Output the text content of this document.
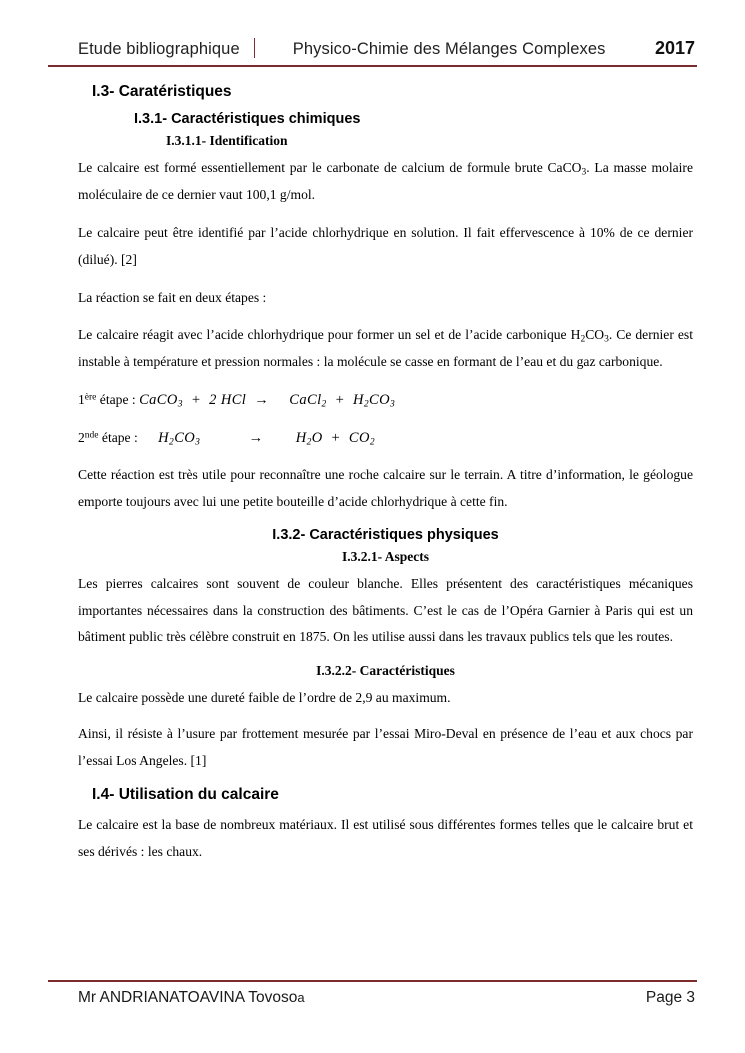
Etude bibliographique	Physico-Chimie des Mélanges Complexes	2017
I.3- Caratéristiques
I.3.1- Caractéristiques chimiques
I.3.1.1- Identification

Le calcaire est formé essentiellement par le carbonate de calcium de formule brute CaCO$_3$. La masse molaire moléculaire de ce dernier vaut 100,1 g/mol.

Le calcaire peut être identifié par l’acide chlorhydrique en solution. Il fait effervescence à 10% de ce dernier (dilué). [2]

La réaction se fait en deux étapes :

Le calcaire réagit avec l’acide chlorhydrique pour former un sel et de l’acide carbonique $H_2CO_3$. Ce dernier est instable à température et pression normales : la molécule se casse en formant de l’eau et du gaz carbonique.

1ère étape : CaCO$_3$  +  2 HCl  →     CaCl$_2$  +  $H_2CO_3$
2nde étape :      $H_2CO_3$	→        $H_2O + CO_2$

Cette réaction est très utile pour reconnaître une roche calcaire sur le terrain. A titre d’information, le géologue emporte toujours avec lui une petite bouteille d’acide chlorhydrique à cette fin.

I.3.2- Caractéristiques physiques
I.3.2.1- Aspects

Les pierres calcaires sont souvent de couleur blanche. Elles présentent des caractéristiques mécaniques importantes nécessaires dans la construction des bâtiments. C’est le cas de l’Opéra Garnier à Paris qui est un bâtiment public très célèbre construit en 1875. On les utilise aussi dans les travaux publics tels que les routes.

I.3.2.2- Caractéristiques

Le calcaire possède une dureté faible de l’ordre de 2,9 au maximum.

Ainsi, il résiste à l’usure par frottement mesurée par l’essai Miro-Deval en présence de l’eau et aux chocs par l’essai Los Angeles. [1]

I.4- Utilisation du calcaire

Le calcaire est la base de nombreux matériaux. Il est utilisé sous différentes formes telles que le calcaire brut et ses dérivés : les chaux.

Mr ANDRIANATOAVINA Tovosoa	Page 3
